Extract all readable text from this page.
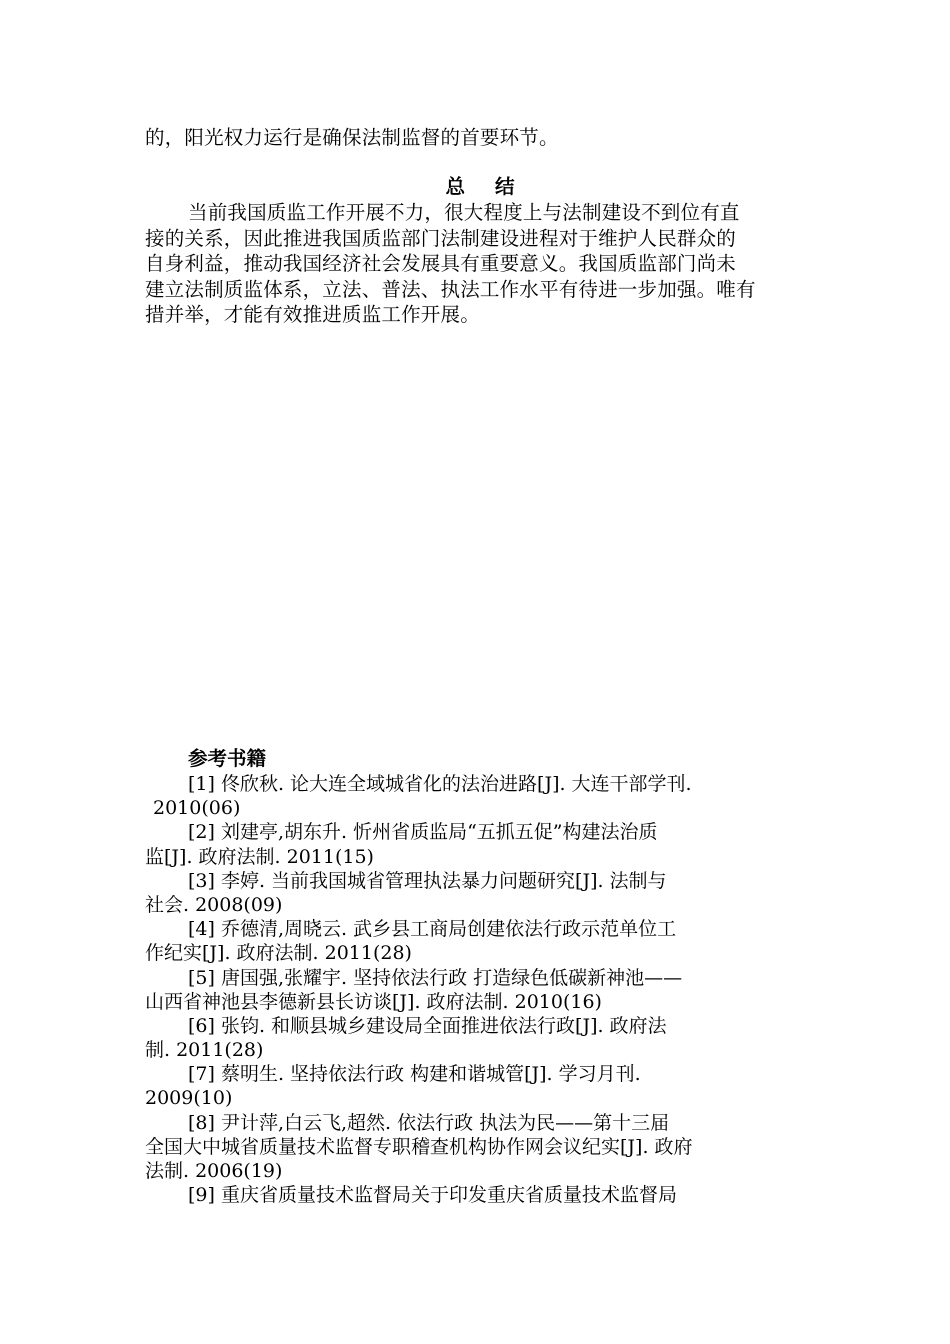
的，阳光权力运行是确保法制监督的首要环节。

总 结

当前我国质监工作开展不力，很大程度上与法制建设不到位有直
接的关系，因此推进我国质监部门法制建设进程对于维护人民群众的
自身利益，推动我国经济社会发展具有重要意义。我国质监部门尚未
建立法制质监体系，立法、普法、执法工作水平有待进一步加强。唯有
措并举，才能有效推进质监工作开展。

参考书籍

[1] 佟欣秋. 论大连全域城省化的法治进路[J]. 大连干部学刊.
2010(06)
[2] 刘建亭,胡东升. 忻州省质监局“五抓五促”构建法治质
监[J]. 政府法制. 2011(15)
[3] 李婷. 当前我国城省管理执法暴力问题研究[J]. 法制与
社会. 2008(09)
[4] 乔德清,周晓云. 武乡县工商局创建依法行政示范单位工
作纪实[J]. 政府法制. 2011(28)
[5] 唐国强,张耀宇. 坚持依法行政 打造绿色低碳新神池——
山西省神池县李德新县长访谈[J]. 政府法制. 2010(16)
[6] 张钧. 和顺县城乡建设局全面推进依法行政[J]. 政府法
制. 2011(28)
[7] 蔡明生. 坚持依法行政 构建和谐城管[J]. 学习月刊.
2009(10)
[8] 尹计萍,白云飞,超然. 依法行政 执法为民——第十三届
全国大中城省质量技术监督专职稽查机构协作网会议纪实[J]. 政府
法制. 2006(19)
[9] 重庆省质量技术监督局关于印发重庆省质量技术监督局
